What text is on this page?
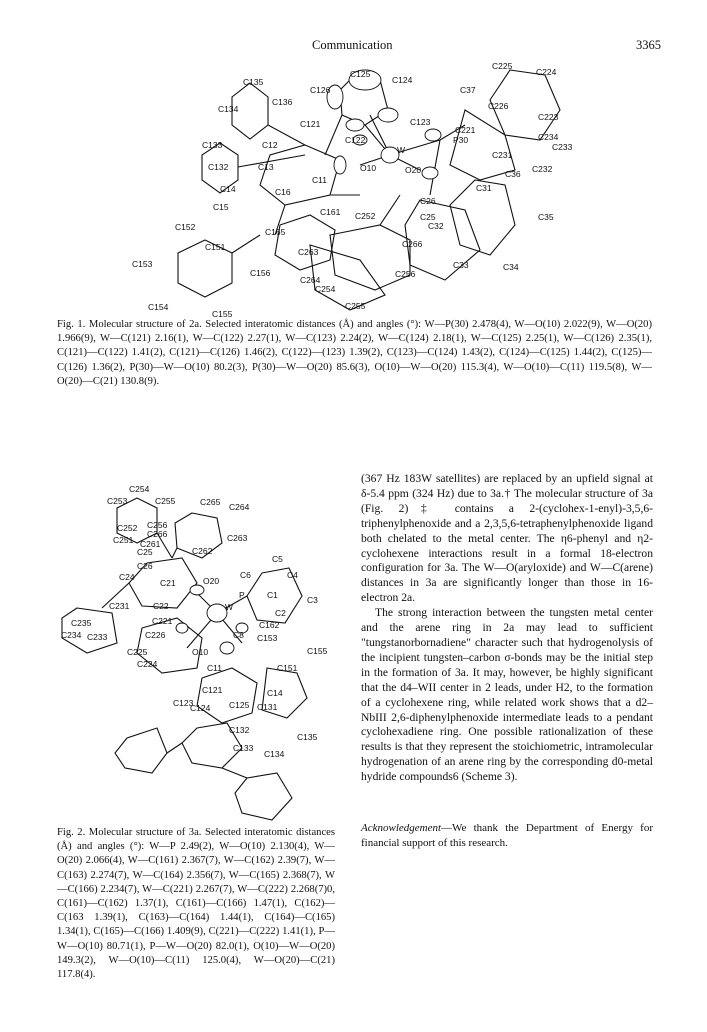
Communication	3365
C135
C136
C134
C126
C125
C124
C37
C225
C224
C226
C223
C121	C123
C221
P30	C234
C233
C133	C12	C122
W	C231
C232
C132	C13	O10	O20	C36
C11
C31
C14	C16
C26
C15	C161 C252	C25	C35
C32
C152	C165
C266
C151	C263
C153
C156
C33	C34
C264
C256
C254
C154	C255
C155

Fig. 1. Molecular structure of 2a. Selected interatomic distances (Å) and angles (°): W—P(30) 2.478(4), W—O(10) 2.022(9), W—O(20) 1.966(9), W—C(121) 2.16(1), W—C(122) 2.27(1), W—C(123) 2.24(2), W—C(124) 2.18(1), W—C(125) 2.25(1), W—C(126) 2.35(1), C(121)—C(122) 1.41(2), C(121)—C(126) 1.46(2), C(122)—(123) 1.39(2), C(123)—C(124) 1.43(2), C(124)—C(125) 1.44(2), C(125)—C(126) 1.36(2), P(30)—W—O(10) 80.2(3), P(30)—W—O(20) 85.6(3), O(10)—W—O(20) 115.3(4), W—O(10)—C(11) 119.5(8), W—O(20)—C(21) 130.8(9).

C254
C253	C255	C265 C264
C252 C256
C266
C251 C261
C263
C25	C262
C26
C5
C24
C21	O20
C6	C4
C1	C3
C231	C22
C2
C235	C221	C162
C234 C233	C226	C8 C153
C225	O10	C155
C224	C11	C151
C121	C14
C123
C124 C125 C131
C132
C135
C133
C134
P
W

Fig. 2. Molecular structure of 3a. Selected interatomic distances (Å) and angles (°): W—P 2.49(2), W—O(10) 2.130(4), W—O(20) 2.066(4), W—C(161) 2.367(7), W—C(162) 2.39(7), W—C(163) 2.274(7), W—C(164) 2.356(7), W—C(165) 2.368(7), W—C(166) 2.234(7), W—C(221) 2.267(7), W—C(222) 2.268(7)0, C(161)—C(162) 1.37(1), C(161)—C(166) 1.47(1), C(162)—C(163 1.39(1), C(163)—C(164) 1.44(1), C(164)—C(165) 1.34(1), C(165)—C(166) 1.409(9), C(221)—C(222) 1.41(1), P—W—O(10) 80.71(1), P—W—O(20) 82.0(1), O(10)—W—O(20) 149.3(2), W—O(10)—C(11) 125.0(4), W—O(20)—C(21) 117.8(4).

(367 Hz 183W satellites) are replaced by an upfield signal at δ-5.4 ppm (324 Hz) due to 3a.† The molecular structure of 3a (Fig. 2)‡ contains a 2-(cyclohex-1-enyl)-3,5,6-triphenylphenoxide and a 2,3,5,6-tetraphenylphenoxide ligand both chelated to the metal center. The η6-phenyl and η2-cyclohexene interactions result in a formal 18-electron configuration for 3a. The W—O(aryloxide) and W—C(arene) distances in 3a are significantly longer than those in 16-electron 2a.

The strong interaction between the tungsten metal center and the arene ring in 2a may lead to sufficient "tungstanorbornadiene" character such that hydrogenolysis of the incipient tungsten–carbon σ-bonds may be the initial step in the formation of 3a. It may, however, be highly significant that the d4–WII center in 2 leads, under H2, to the formation of a cyclohexene ring, while related work shows that a d2–NbIII 2,6-diphenylphenoxide intermediate leads to a pendant cyclohexadiene ring. One possible rationalization of these results is that they represent the stoichiometric, intramolecular hydrogenation of an arene ring by the corresponding d0-metal hydride compounds6 (Scheme 3).

Acknowledgement—We thank the Department of Energy for financial support of this research.
